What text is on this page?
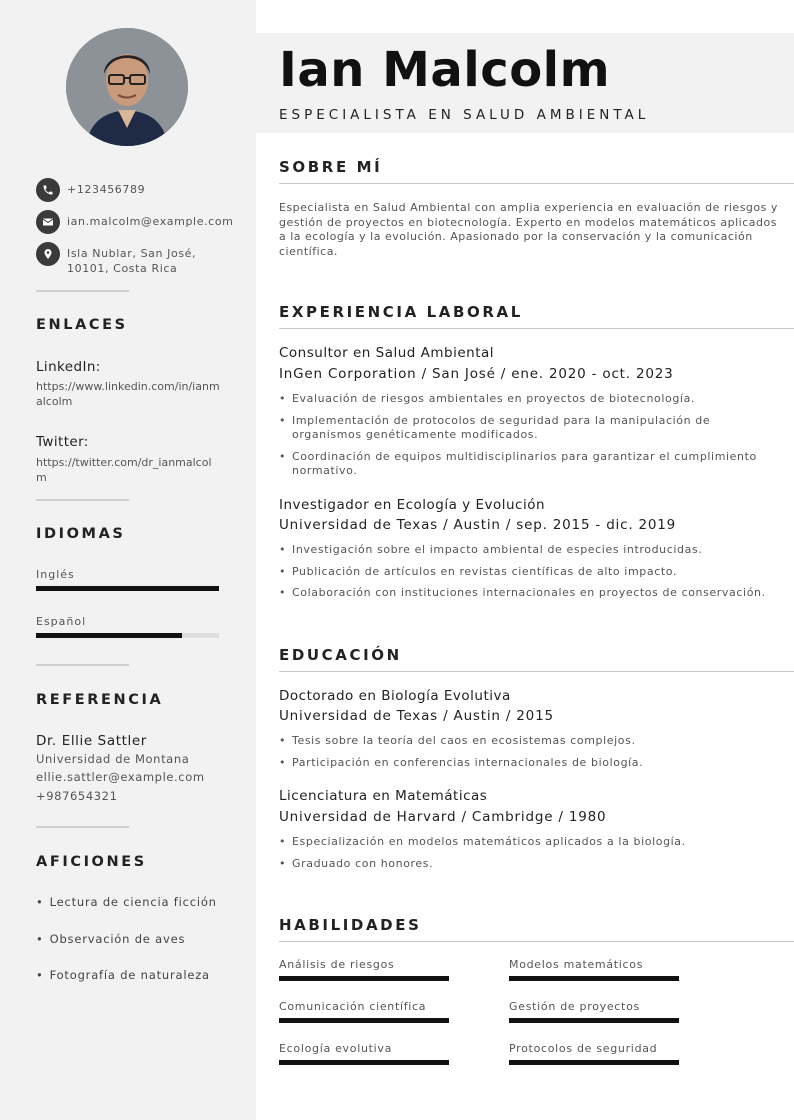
+123456789
ian.malcolm@example.com
Isla Nublar, San José,
10101, Costa Rica
ENLACES
LinkedIn:
https://www.linkedin.com/in/ianmalcolm
Twitter:
https://twitter.com/dr_ianmalcolm
IDIOMAS
Inglés
Español
REFERENCIA
Dr. Ellie Sattler
Universidad de Montana
ellie.sattler@example.com
+987654321
AFICIONES
• Lectura de ciencia ficción
• Observación de aves
• Fotografía de naturaleza
Ian Malcolm
ESPECIALISTA EN SALUD AMBIENTAL
SOBRE MÍ
Especialista en Salud Ambiental con amplia experiencia en evaluación de riesgos y gestión de proyectos en biotecnología. Experto en modelos matemáticos aplicados a la ecología y la evolución. Apasionado por la conservación y la comunicación científica.
EXPERIENCIA LABORAL
Consultor en Salud Ambiental
InGen Corporation / San José / ene. 2020 - oct. 2023
• Evaluación de riesgos ambientales en proyectos de biotecnología.
• Implementación de protocolos de seguridad para la manipulación de organismos genéticamente modificados.
• Coordinación de equipos multidisciplinarios para garantizar el cumplimiento normativo.
Investigador en Ecología y Evolución
Universidad de Texas / Austin / sep. 2015 - dic. 2019
• Investigación sobre el impacto ambiental de especies introducidas.
• Publicación de artículos en revistas científicas de alto impacto.
• Colaboración con instituciones internacionales en proyectos de conservación.
EDUCACIÓN
Doctorado en Biología Evolutiva
Universidad de Texas / Austin / 2015
• Tesis sobre la teoría del caos en ecosistemas complejos.
• Participación en conferencias internacionales de biología.
Licenciatura en Matemáticas
Universidad de Harvard / Cambridge / 1980
• Especialización en modelos matemáticos aplicados a la biología.
• Graduado con honores.
HABILIDADES
Análisis de riesgos	Modelos matemáticos
Comunicación científica	Gestión de proyectos
Ecología evolutiva	Protocolos de seguridad
